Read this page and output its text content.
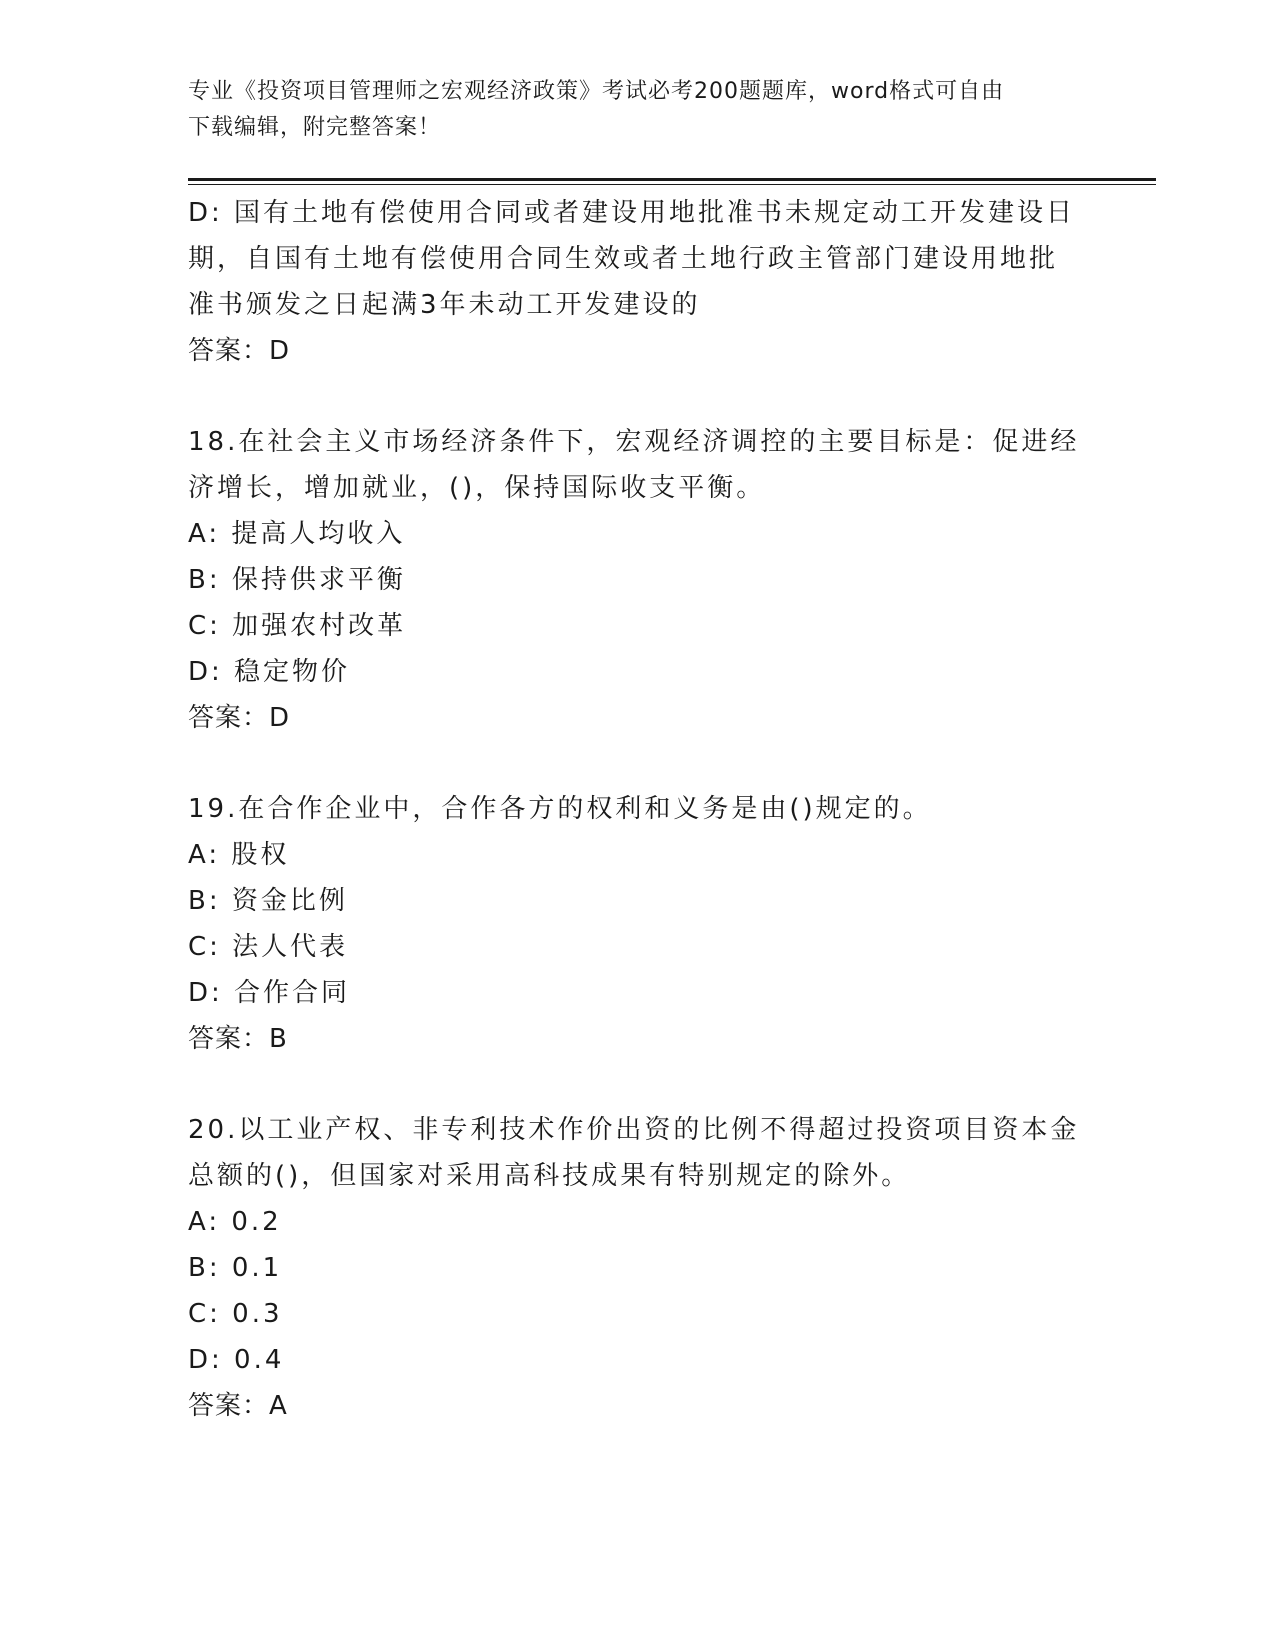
专业《投资项目管理师之宏观经济政策》考试必考200题题库，word格式可自由
下载编辑，附完整答案！
D: 国有土地有偿使用合同或者建设用地批准书未规定动工开发建设日
期，自国有土地有偿使用合同生效或者土地行政主管部门建设用地批
准书颁发之日起满3年未动工开发建设的
答案：D
18.在社会主义市场经济条件下，宏观经济调控的主要目标是：促进经
济增长，增加就业，()，保持国际收支平衡。
A: 提高人均收入
B: 保持供求平衡
C: 加强农村改革
D: 稳定物价
答案：D
19.在合作企业中，合作各方的权利和义务是由()规定的。
A: 股权
B: 资金比例
C: 法人代表
D: 合作合同
答案：B
20.以工业产权、非专利技术作价出资的比例不得超过投资项目资本金
总额的()，但国家对采用高科技成果有特别规定的除外。
A: 0.2
B: 0.1
C: 0.3
D: 0.4
答案：A
